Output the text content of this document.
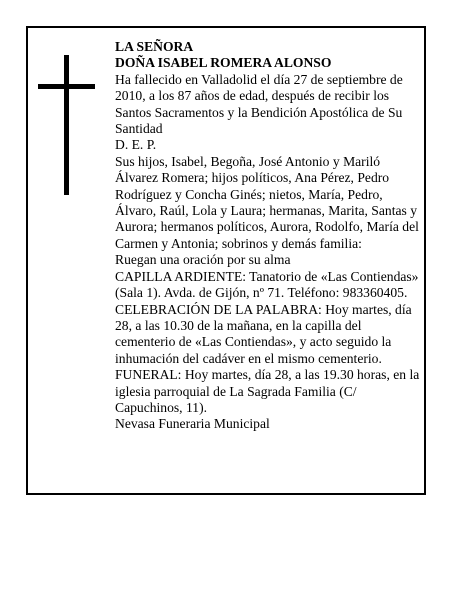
LA SEÑORA

DOÑA ISABEL ROMERA ALONSO

Ha fallecido en Valladolid el día 27 de septiembre de 2010, a los 87 años de edad, después de recibir los Santos Sacramentos y la Bendición Apostólica de Su Santidad

D. E. P.

Sus hijos, Isabel, Begoña, José Antonio y Mariló Álvarez Romera; hijos políticos, Ana Pérez, Pedro Rodríguez y Concha Ginés; nietos, María, Pedro, Álvaro, Raúl, Lola y Laura; hermanas, Marita, Santas y Aurora; hermanos políticos, Aurora, Rodolfo, María del Carmen y Antonia; sobrinos y demás familia:

Ruegan una oración por su alma

CAPILLA ARDIENTE: Tanatorio de «Las Contiendas» (Sala 1). Avda. de Gijón, nº 71. Teléfono: 983360405.

CELEBRACIÓN DE LA PALABRA: Hoy martes, día 28, a las 10.30 de la mañana, en la capilla del cementerio de «Las Contiendas», y acto seguido la inhumación del cadáver en el mismo cementerio.

FUNERAL: Hoy martes, día 28, a las 19.30 horas, en la iglesia parroquial de La Sagrada Familia (C/ Capuchinos, 11).

Nevasa Funeraria Municipal
